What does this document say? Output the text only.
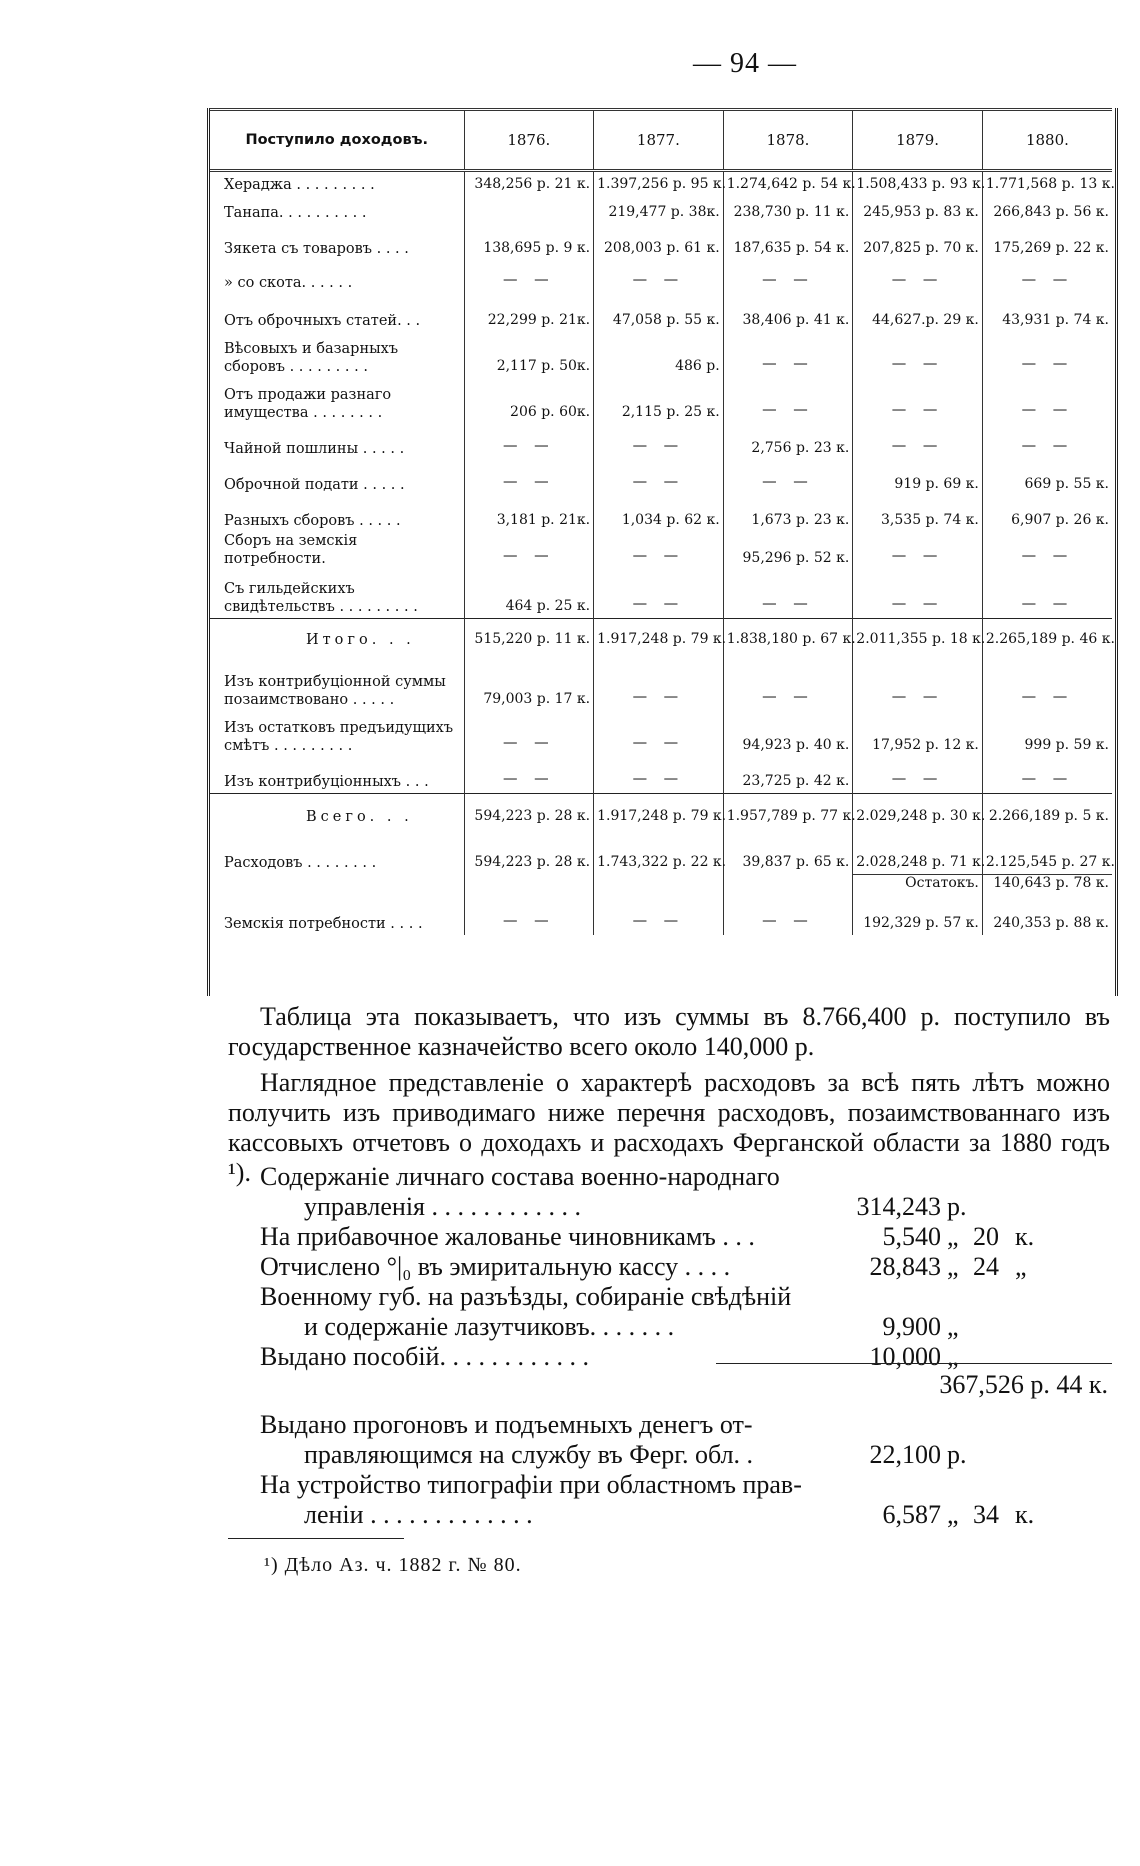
— 94 —
Поступило доходовъ.	1876.	1877.	1878.	1879.	1880.
Хераджа . . . . . . . . .	348,256 р. 21 к.	1.397,256 р. 95 к.	1.274,642 р. 54 к.	1.508,433 р. 93 к.	1.771,568 р. 13 к.
Танапа. . . . . . . . . .		219,477 р. 38к.	238,730 р. 11 к.	245,953 р. 83 к.	266,843 р. 56 к.
Зякета съ товаровъ . . . .	138,695 р. 9 к.	208,003 р. 61 к.	187,635 р. 54 к.	207,825 р. 70 к.	175,269 р. 22 к.
» со скота. . . . . .	— —	— —	— —	— —	— —
Отъ оброчныхъ статей. . .	22,299 р. 21к.	47,058 р. 55 к.	38,406 р. 41 к.	44,627.р. 29 к.	43,931 р. 74 к.
Вѣсовыхъ и базарныхъ сборовъ . . . . . . . . .	2,117 р. 50к.	486 р.	— —	— —	— —
Отъ продажи разнаго имущества . . . . . . . .	206 р. 60к.	2,115 р. 25 к.	— —	— —	— —
Чайной пошлины . . . . .	— —	— —	2,756 р. 23 к.	— —	— —
Оброчной подати . . . . .	— —	— —	— —	919 р. 69 к.	669 р. 55 к.
Разныхъ сборовъ . . . . .	3,181 р. 21к.	1,034 р. 62 к.	1,673 р. 23 к.	3,535 р. 74 к.	6,907 р. 26 к.
Сборъ на земскія потребности.	— —	— —	95,296 р. 52 к.	— —	— —
Съ гильдейскихъ свидѣтельствъ . . . . . . . . .	464 р. 25 к.	— —	— —	— —	— —
Итого. . .	515,220 р. 11 к.	1.917,248 р. 79 к.	1.838,180 р. 67 к.	2.011,355 р. 18 к.	2.265,189 р. 46 к.
Изъ контрибуціонной суммы позаимствовано . . . . .	79,003 р. 17 к.	— —	— —	— —	— —
Изъ остатковъ предъидущихъ смѣтъ . . . . . . . . .	— —	— —	94,923 р. 40 к.	17,952 р. 12 к.	999 р. 59 к.
Изъ контрибуціонныхъ . . .	— —	— —	23,725 р. 42 к.	— —	— —
Всего. . .	594,223 р. 28 к.	1.917,248 р. 79 к.	1.957,789 р. 77 к.	2.029,248 р. 30 к.	2.266,189 р. 5 к.
Расходовъ . . . . . . . .	594,223 р. 28 к.	1.743,322 р. 22 к.	39,837 р. 65 к.	2.028,248 р. 71 к.	2.125,545 р. 27 к.
				Остатокъ.	140,643 р. 78 к.
Земскія потребности . . . .	— —	— —	— —	192,329 р. 57 к.	240,353 р. 88 к.

Таблица эта показываетъ, что изъ суммы въ 8.766,400 р. поступило въ государственное казначейство всего около 140,000 р.

Наглядное представленіе о характерѣ расходовъ за всѣ пять лѣтъ можно получить изъ приводимаго ниже перечня расходовъ, позаимствованнаго изъ кассовыхъ отчетовъ о доходахъ и расходахъ Ферганской области за 1880 годъ ¹). Содержаніе личнаго состава военно-народнаго
управленія . . . . . . . . . . . .	314,243 р.
На прибавочное жалованье чиновникамъ . . .	5,540 „ 20 к.
Отчислено °|₀ въ эмиритальную кассу . . . .	28,843 „ 24 „
Военному губ. на разъѣзды, собираніе свѣдѣній
и содержаніе лазутчиковъ. . . . . . .	9,900 „
Выдано пособій. . . . . . . . . . . .	10,000 „
367,526 р. 44 к.
Выдано прогоновъ и подъемныхъ денегъ от-
правляющимся на службу въ Ферг. обл. .	22,100 р.
На устройство типографіи при областномъ прав-
леніи . . . . . . . . . . . . .	6,587 „ 34 к.
¹) Дѣло Аз. ч. 1882 г. № 80.
